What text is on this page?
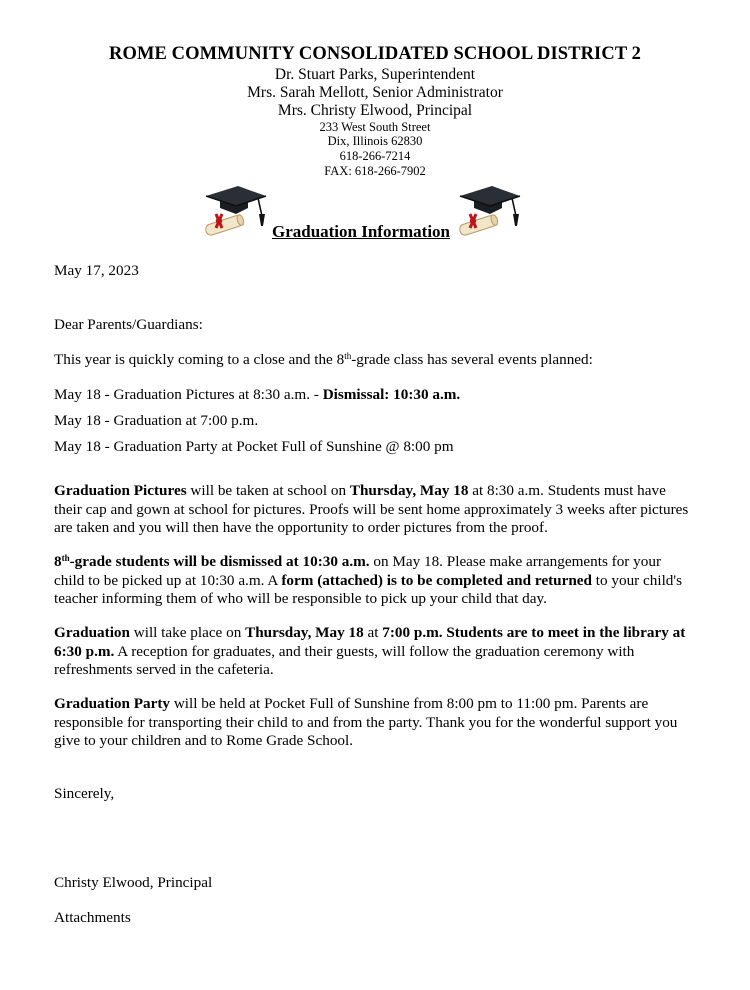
ROME COMMUNITY CONSOLIDATED SCHOOL DISTRICT 2
Dr. Stuart Parks, Superintendent
Mrs. Sarah Mellott, Senior Administrator
Mrs. Christy Elwood, Principal
233 West South Street
Dix, Illinois 62830
618-266-7214
FAX: 618-266-7902
Graduation Information
May 17, 2023
Dear Parents/Guardians:
This year is quickly coming to a close and the 8th-grade class has several events planned:
May 18 - Graduation Pictures at 8:30 a.m. - Dismissal: 10:30 a.m.
May 18 - Graduation at 7:00 p.m.
May 18 - Graduation Party at Pocket Full of Sunshine @ 8:00 pm
Graduation Pictures will be taken at school on Thursday, May 18 at 8:30 a.m. Students must have their cap and gown at school for pictures. Proofs will be sent home approximately 3 weeks after pictures are taken and you will then have the opportunity to order pictures from the proof.
8th-grade students will be dismissed at 10:30 a.m. on May 18. Please make arrangements for your child to be picked up at 10:30 a.m. A form (attached) is to be completed and returned to your child's teacher informing them of who will be responsible to pick up your child that day.
Graduation will take place on Thursday, May 18 at 7:00 p.m. Students are to meet in the library at 6:30 p.m. A reception for graduates, and their guests, will follow the graduation ceremony with refreshments served in the cafeteria.
Graduation Party will be held at Pocket Full of Sunshine from 8:00 pm to 11:00 pm. Parents are responsible for transporting their child to and from the party. Thank you for the wonderful support you give to your children and to Rome Grade School.
Sincerely,
Christy Elwood, Principal
Attachments
